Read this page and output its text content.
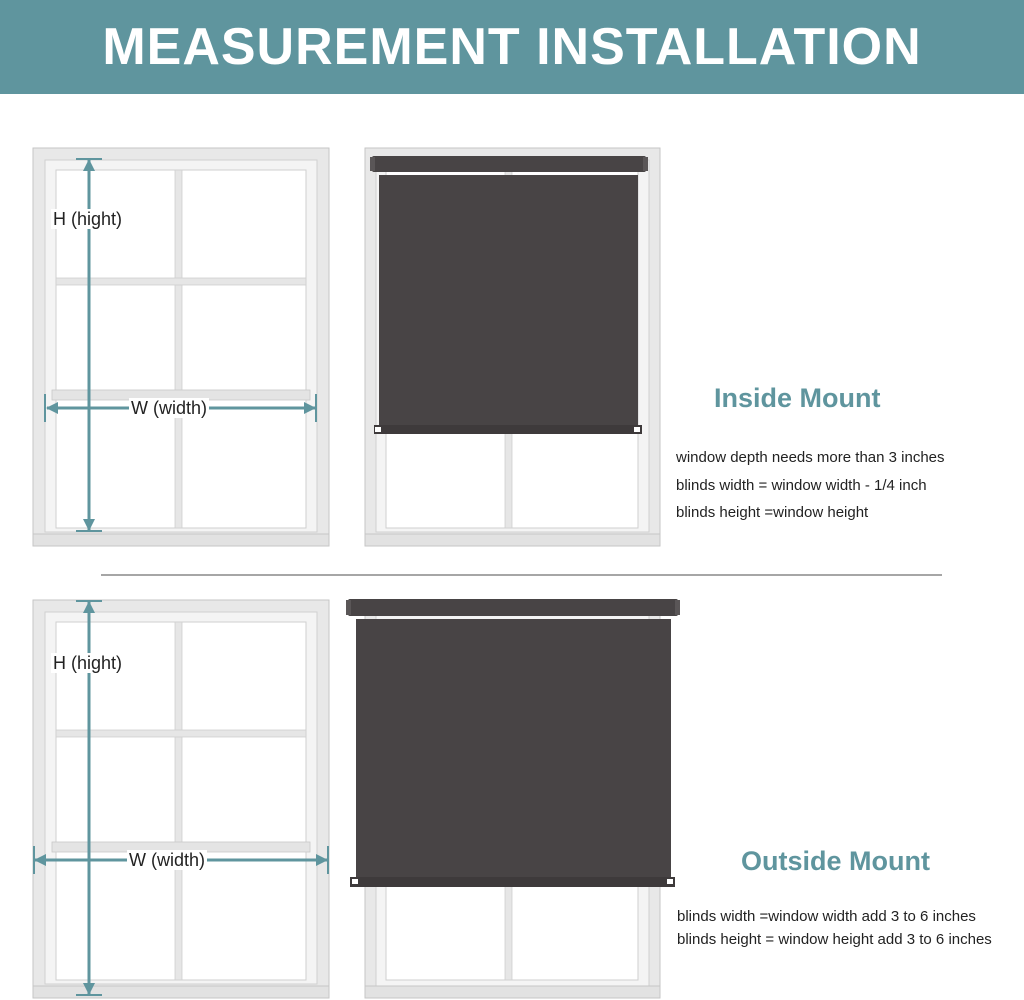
MEASUREMENT INSTALLATION
H (hight)
W (width)
H (hight)
W (width)
Inside Mount
window depth needs more than 3 inches
blinds width = window width - 1/4 inch
blinds height =window height
Outside Mount
blinds width =window width add 3 to 6 inches
blinds height = window height add 3 to 6 inches
